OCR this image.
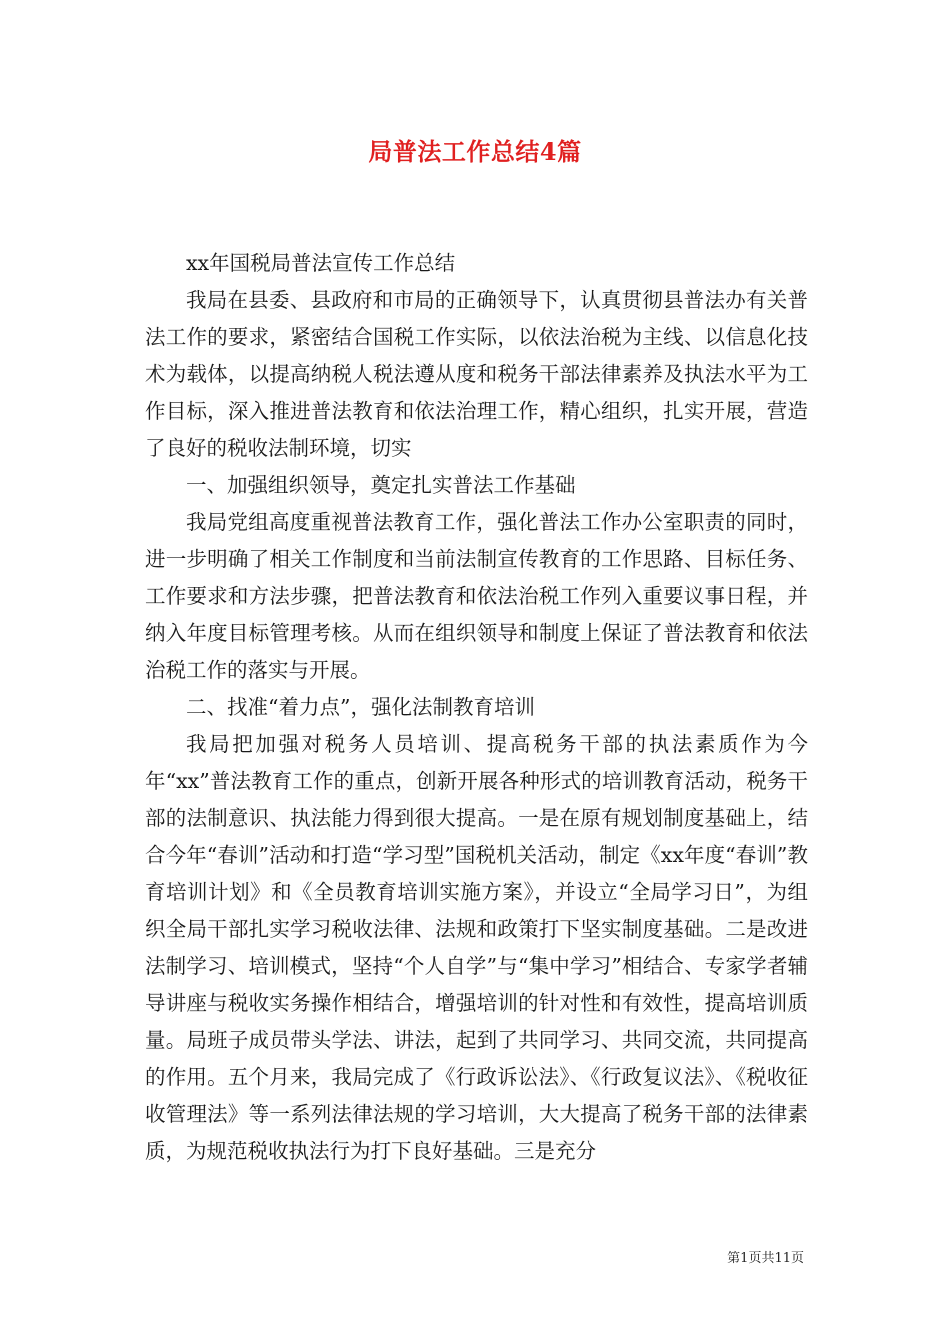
局普法工作总结4篇

xx年国税局普法宣传工作总结

我局在县委、县政府和市局的正确领导下，认真贯彻县普法办有关普法工作的要求，紧密结合国税工作实际，以依法治税为主线、以信息化技术为载体，以提高纳税人税法遵从度和税务干部法律素养及执法水平为工作目标，深入推进普法教育和依法治理工作，精心组织，扎实开展，营造了良好的税收法制环境，切实

一、加强组织领导，奠定扎实普法工作基础

我局党组高度重视普法教育工作，强化普法工作办公室职责的同时，进一步明确了相关工作制度和当前法制宣传教育的工作思路、目标任务、工作要求和方法步骤，把普法教育和依法治税工作列入重要议事日程，并纳入年度目标管理考核。从而在组织领导和制度上保证了普法教育和依法治税工作的落实与开展。

二、找准“着力点”，强化法制教育培训

我局把加强对税务人员培训、提高税务干部的执法素质作为今年“xx”普法教育工作的重点，创新开展各种形式的培训教育活动，税务干部的法制意识、执法能力得到很大提高。一是在原有规划制度基础上，结合今年“春训”活动和打造“学习型”国税机关活动，制定《xx年度“春训”教育培训计划》和《全员教育培训实施方案》，并设立“全局学习日”，为组织全局干部扎实学习税收法律、法规和政策打下坚实制度基础。二是改进法制学习、培训模式，坚持“个人自学”与“集中学习”相结合、专家学者辅导讲座与税收实务操作相结合，增强培训的针对性和有效性，提高培训质量。局班子成员带头学法、讲法，起到了共同学习、共同交流，共同提高的作用。五个月来，我局完成了《行政诉讼法》、《行政复议法》、《税收征收管理法》等一系列法律法规的学习培训，大大提高了税务干部的法律素质，为规范税收执法行为打下良好基础。三是充分

第1页共11页
